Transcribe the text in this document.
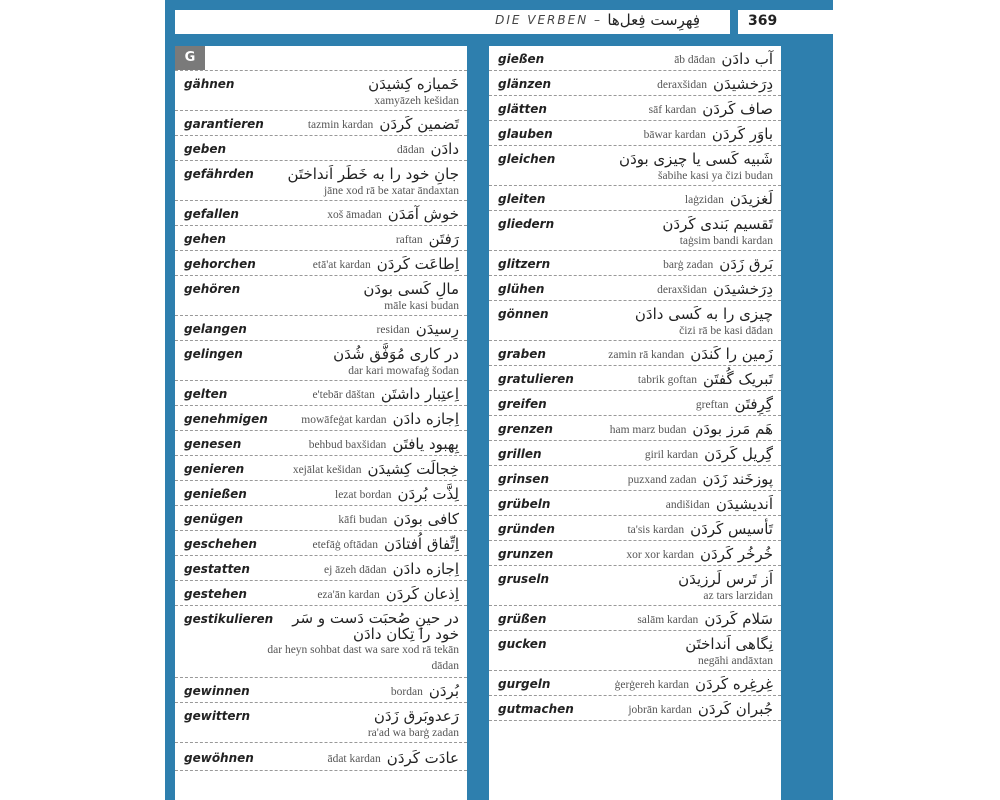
DIE VERBEN – فِهرِست فِعل‌ها	369
G
gähnen	خَمیازه کِشیدَن
xamyāzeh kešidan
garantieren	تَضمین کَردَن
tazmin kardan
geben	دادَن
dādan
gefährden جانِ خود را به خَطَر اَنداختَن
jāne xod rā be xatar āndaxtan
gefallen	خوش آمَدَن
xoš āmadan
gehen	رَفتَن
raftan
gehorchen	اِطاعَت کَردَن
etā'at kardan
gehören	مالِ کَسی بودَن
māle kasi budan
gelangen	رِسیدَن
residan
gelingen	در کاری مُوَفَّق شُدَن
dar kari mowafaġ šodan
gelten	اِعتِبار داشتَن
e'tebār dāštan
genehmigen	اِجازه دادَن
mowāfeġat kardan
genesen	بِهبود یافتَن
behbud baxšidan
genieren	خِجالَت کِشیدَن
xejālat kešidan
genießen	لِذَّت بُردَن
lezat bordan
genügen	کافی بودَن
kāfi budan
geschehen	اِتِّفاق اُفتادَن
etefāġ oftādan
gestatten	اِجازه دادَن
ej āzeh dādan
gestehen	اِذعان کَردَن
eza'ān kardan
gestikulieren	در حینِ صُحبَت دَست و سَر خود را تِکان دادَن
dar heyn sohbat dast wa sare xod rā tekān dādan
gewinnen	بُردَن
bordan
gewittern	رَعدوبَرق زَدَن
ra'ad wa barġ zadan
gewöhnen	عادَت کَردَن
ādat kardan
gießen	آب دادَن
āb dādan
glänzen	دِرَخشیدَن
deraxšidan
glätten	صاف کَردَن
sāf kardan
glauben	باوَر کَردَن
bāwar kardan
gleichen	شَبیه کَسی یا چیزی بودَن
šabihe kasi ya čizi budan
gleiten	لَغزیدَن
laġzidan
gliedern	تَقسیم بَندی کَردَن
taġsim bandi kardan
glitzern	بَرق زَدَن
barġ zadan
glühen	دِرَخشیدَن
deraxšidan
gönnen	چیزی را به کَسی دادَن
čizi rā be kasi dādan
graben	زَمین را کَندَن
zamin rā kandan
gratulieren	تَبریک گُفتَن
tabrik goftan
greifen	گِرِفتَن
greftan
grenzen	هَم مَرز بودَن
ham marz budan
grillen	گِریل کَردَن
giril kardan
grinsen	پوزخَند زَدَن
puzxand zadan
grübeln	اَندیشیدَن
andišidan
gründen	تَأسیس کَردَن
ta'sis kardan
grunzen	خُرخُر کَردَن
xor xor kardan
gruseln	اَز تَرس لَرزیدَن
az tars larzidan
grüßen	سَلام کَردَن
salām kardan
gucken	نِگاهی اَنداختَن
negāhi andāxtan
gurgeln	غِرغِره کَردَن
ġerġereh kardan
gutmachen	جُبران کَردَن
jobrān kardan
